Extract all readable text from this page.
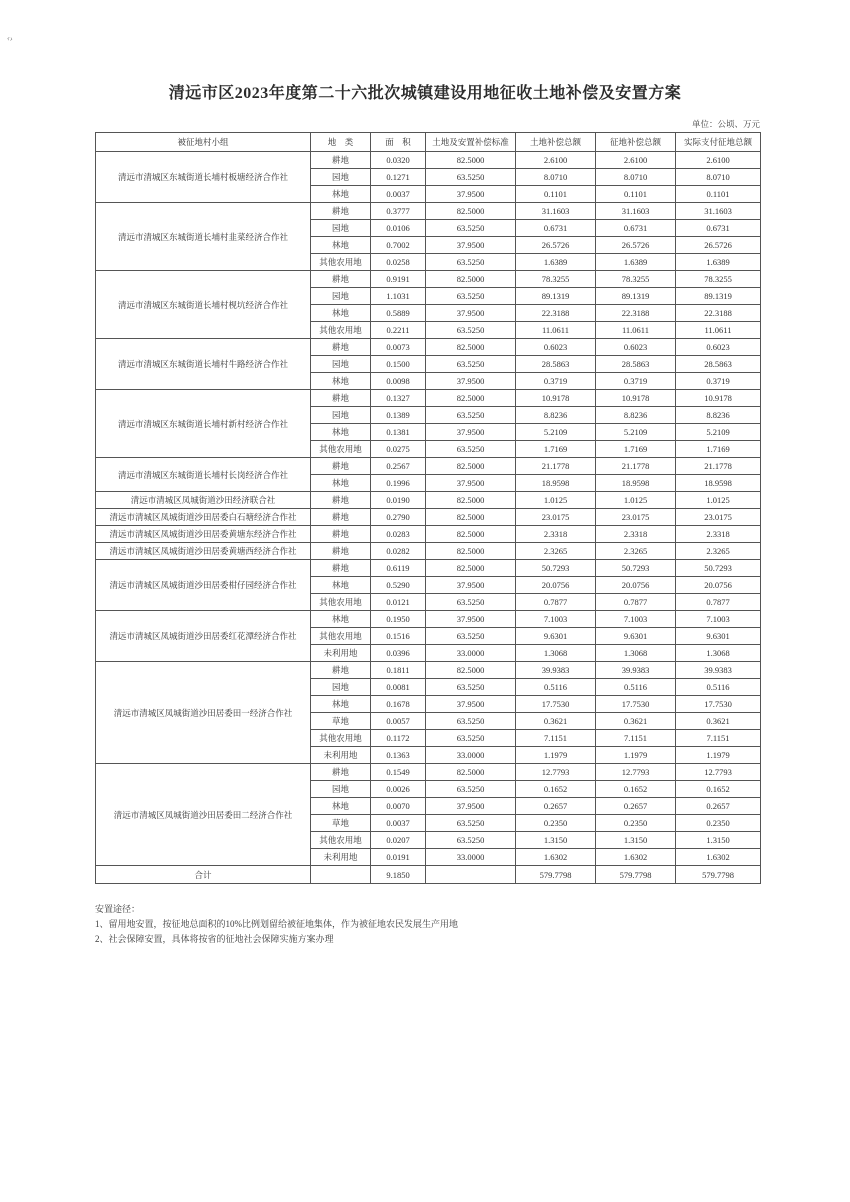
‹›
清远市区2023年度第二十六批次城镇建设用地征收土地补偿及安置方案
单位：公顷、万元
被征地村小组	地　类	面　积	土地及安置补偿标准	土地补偿总额	征地补偿总额	实际支付征地总额
清远市清城区东城街道长埔村板塘经济合作社	耕地	0.0320	82.5000	2.6100	2.6100	2.6100
	园地	0.1271	63.5250	8.0710	8.0710	8.0710
	林地	0.0037	37.9500	0.1101	0.1101	0.1101
清远市清城区东城街道长埔村韭菜经济合作社	耕地	0.3777	82.5000	31.1603	31.1603	31.1603
	园地	0.0106	63.5250	0.6731	0.6731	0.6731
	林地	0.7002	37.9500	26.5726	26.5726	26.5726
	其他农用地	0.0258	63.5250	1.6389	1.6389	1.6389
清远市清城区东城街道长埔村枧坑经济合作社	耕地	0.9191	82.5000	78.3255	78.3255	78.3255
	园地	1.1031	63.5250	89.1319	89.1319	89.1319
	林地	0.5889	37.9500	22.3188	22.3188	22.3188
	其他农用地	0.2211	63.5250	11.0611	11.0611	11.0611
清远市清城区东城街道长埔村牛路经济合作社	耕地	0.0073	82.5000	0.6023	0.6023	0.6023
	园地	0.1500	63.5250	28.5863	28.5863	28.5863
	林地	0.0098	37.9500	0.3719	0.3719	0.3719
清远市清城区东城街道长埔村新村经济合作社	耕地	0.1327	82.5000	10.9178	10.9178	10.9178
	园地	0.1389	63.5250	8.8236	8.8236	8.8236
	林地	0.1381	37.9500	5.2109	5.2109	5.2109
	其他农用地	0.0275	63.5250	1.7169	1.7169	1.7169
清远市清城区东城街道长埔村长岗经济合作社	耕地	0.2567	82.5000	21.1778	21.1778	21.1778
	林地	0.1996	37.9500	18.9598	18.9598	18.9598
清远市清城区凤城街道沙田经济联合社	耕地	0.0190	82.5000	1.0125	1.0125	1.0125
清远市清城区凤城街道沙田居委白石塘经济合作社	耕地	0.2790	82.5000	23.0175	23.0175	23.0175
清远市清城区凤城街道沙田居委黄塘东经济合作社	耕地	0.0283	82.5000	2.3318	2.3318	2.3318
清远市清城区凤城街道沙田居委黄塘西经济合作社	耕地	0.0282	82.5000	2.3265	2.3265	2.3265
清远市清城区凤城街道沙田居委柑仔园经济合作社	耕地	0.6119	82.5000	50.7293	50.7293	50.7293
	林地	0.5290	37.9500	20.0756	20.0756	20.0756
	其他农用地	0.0121	63.5250	0.7877	0.7877	0.7877
清远市清城区凤城街道沙田居委红花潭经济合作社	林地	0.1950	37.9500	7.1003	7.1003	7.1003
	其他农用地	0.1516	63.5250	9.6301	9.6301	9.6301
	未利用地	0.0396	33.0000	1.3068	1.3068	1.3068
清远市清城区凤城街道沙田居委田一经济合作社	耕地	0.1811	82.5000	39.9383	39.9383	39.9383
	园地	0.0081	63.5250	0.5116	0.5116	0.5116
	林地	0.1678	37.9500	17.7530	17.7530	17.7530
	草地	0.0057	63.5250	0.3621	0.3621	0.3621
	其他农用地	0.1172	63.5250	7.1151	7.1151	7.1151
	未利用地	0.1363	33.0000	1.1979	1.1979	1.1979
清远市清城区凤城街道沙田居委田二经济合作社	耕地	0.1549	82.5000	12.7793	12.7793	12.7793
	园地	0.0026	63.5250	0.1652	0.1652	0.1652
	林地	0.0070	37.9500	0.2657	0.2657	0.2657
	草地	0.0037	63.5250	0.2350	0.2350	0.2350
	其他农用地	0.0207	63.5250	1.3150	1.3150	1.3150
	未利用地	0.0191	33.0000	1.6302	1.6302	1.6302
合计		9.1850		579.7798	579.7798	579.7798

安置途径：

1、留用地安置，按征地总面积的10%比例划留给被征地集体，作为被征地农民发展生产用地

2、社会保障安置，具体将按省的征地社会保障实施方案办理
